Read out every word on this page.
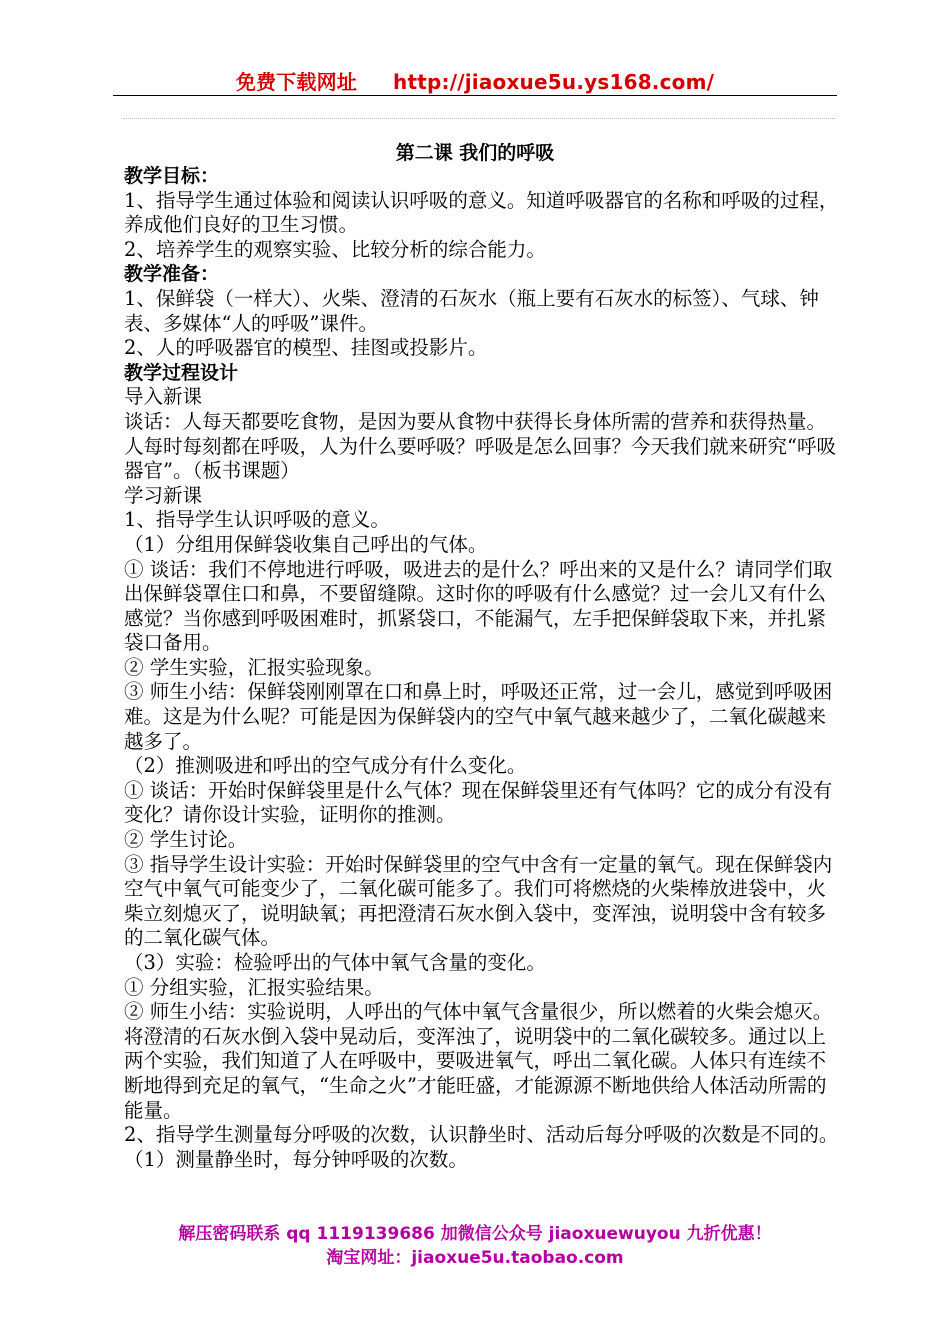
免费下载网址 http://jiaoxue5u.ys168.com/
第二课 我们的呼吸

教学目标：

1、指导学生通过体验和阅读认识呼吸的意义。知道呼吸器官的名称和呼吸的过程，养成他们良好的卫生习惯。

2、培养学生的观察实验、比较分析的综合能力。

教学准备：

1、保鲜袋（一样大）、火柴、澄清的石灰水（瓶上要有石灰水的标签）、气球、钟表、多媒体“人的呼吸”课件。

2、人的呼吸器官的模型、挂图或投影片。

教学过程设计

导入新课

谈话：人每天都要吃食物，是因为要从食物中获得长身体所需的营养和获得热量。人每时每刻都在呼吸，人为什么要呼吸？呼吸是怎么回事？今天我们就来研究“呼吸器官”。（板书课题）

学习新课

1、指导学生认识呼吸的意义。

（1）分组用保鲜袋收集自己呼出的气体。

① 谈话：我们不停地进行呼吸，吸进去的是什么？呼出来的又是什么？请同学们取出保鲜袋罩住口和鼻，不要留缝隙。这时你的呼吸有什么感觉？过一会儿又有什么感觉？当你感到呼吸困难时，抓紧袋口，不能漏气，左手把保鲜袋取下来，并扎紧袋口备用。

② 学生实验，汇报实验现象。

③ 师生小结：保鲜袋刚刚罩在口和鼻上时，呼吸还正常，过一会儿，感觉到呼吸困难。这是为什么呢？可能是因为保鲜袋内的空气中氧气越来越少了，二氧化碳越来越多了。

（2）推测吸进和呼出的空气成分有什么变化。

① 谈话：开始时保鲜袋里是什么气体？现在保鲜袋里还有气体吗？它的成分有没有变化？请你设计实验，证明你的推测。

② 学生讨论。

③ 指导学生设计实验：开始时保鲜袋里的空气中含有一定量的氧气。现在保鲜袋内空气中氧气可能变少了，二氧化碳可能多了。我们可将燃烧的火柴棒放进袋中，火柴立刻熄灭了，说明缺氧；再把澄清石灰水倒入袋中，变浑浊，说明袋中含有较多的二氧化碳气体。

（3）实验：检验呼出的气体中氧气含量的变化。

① 分组实验，汇报实验结果。

② 师生小结：实验说明，人呼出的气体中氧气含量很少，所以燃着的火柴会熄灭。将澄清的石灰水倒入袋中晃动后，变浑浊了，说明袋中的二氧化碳较多。通过以上两个实验，我们知道了人在呼吸中，要吸进氧气，呼出二氧化碳。人体只有连续不断地得到充足的氧气，“生命之火”才能旺盛，才能源源不断地供给人体活动所需的能量。

2、指导学生测量每分呼吸的次数，认识静坐时、活动后每分呼吸的次数是不同的。

（1）测量静坐时，每分钟呼吸的次数。

解压密码联系 qq 1119139686 加微信公众号 jiaoxuewuyou 九折优惠！
淘宝网址：jiaoxue5u.taobao.com
